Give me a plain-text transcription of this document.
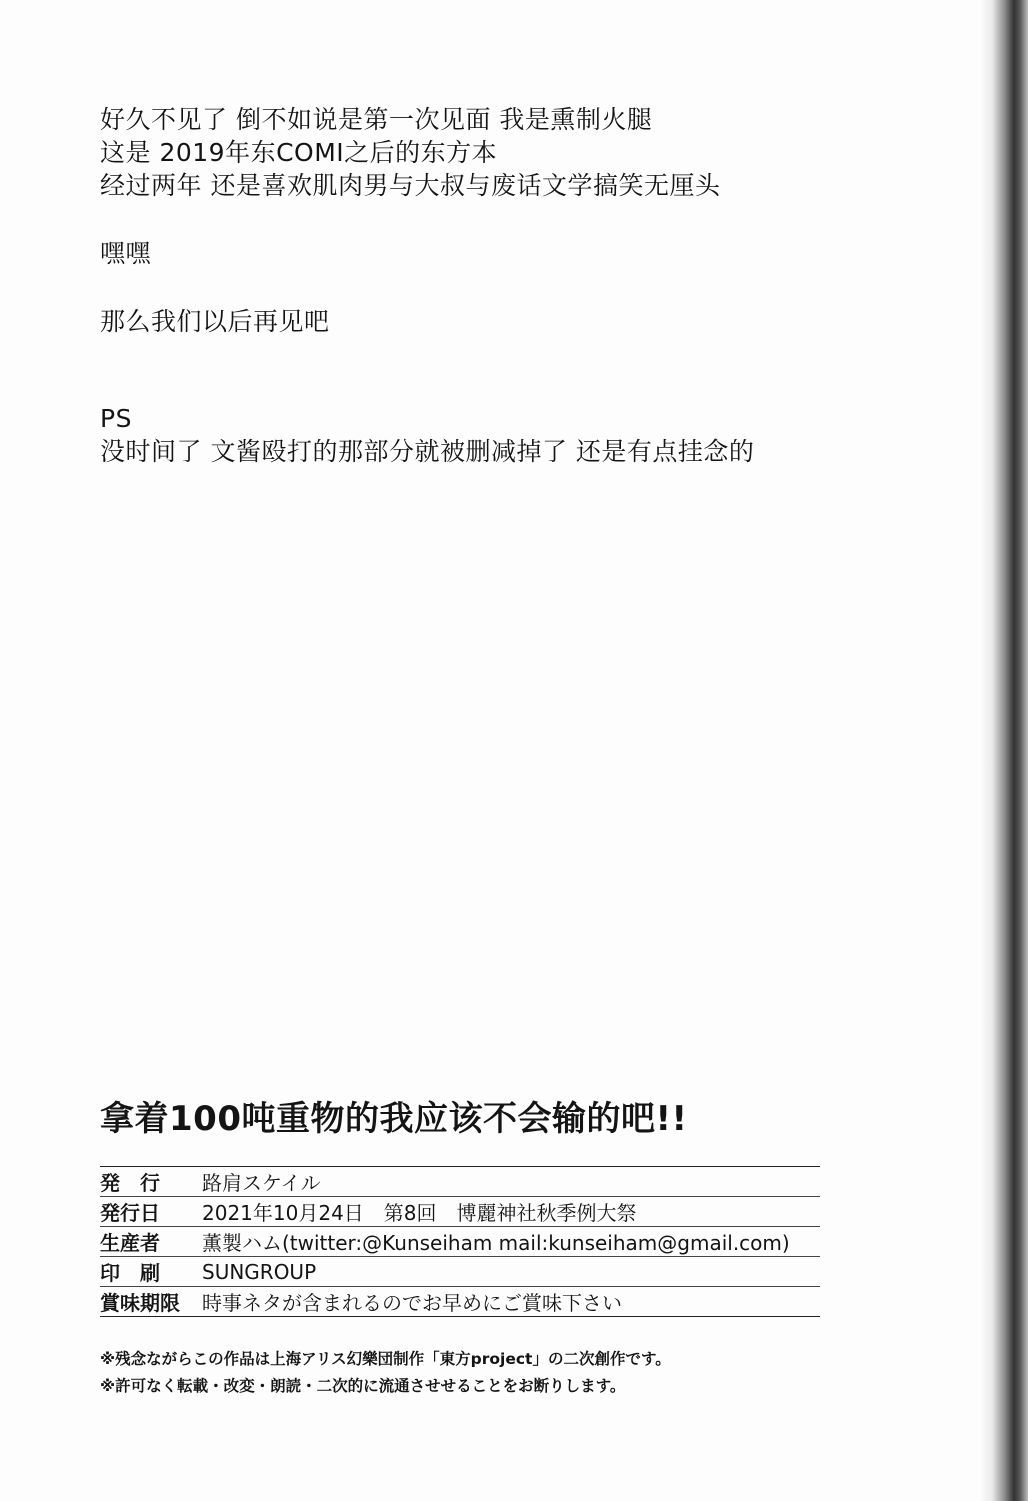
好久不见了 倒不如说是第一次见面 我是熏制火腿
这是 2019年东COMI之后的东方本
经过两年 还是喜欢肌肉男与大叔与废话文学搞笑无厘头
嘿嘿
那么我们以后再见吧
PS
没时间了 文酱殴打的那部分就被删减掉了 还是有点挂念的
拿着100吨重物的我应该不会输的吧!!
発　行	路肩スケイル
発行日	2021年10月24日　第8回　博麗神社秋季例大祭
生産者	薫製ハム(twitter:@Kunseiham mail:kunseiham@gmail.com)
印　刷	SUNGROUP
賞味期限	時事ネタが含まれるのでお早めにご賞味下さい
※残念ながらこの作品は上海アリス幻樂団制作「東方project」の二次創作です。
※許可なく転載・改変・朗読・二次的に流通させせることをお断りします。
